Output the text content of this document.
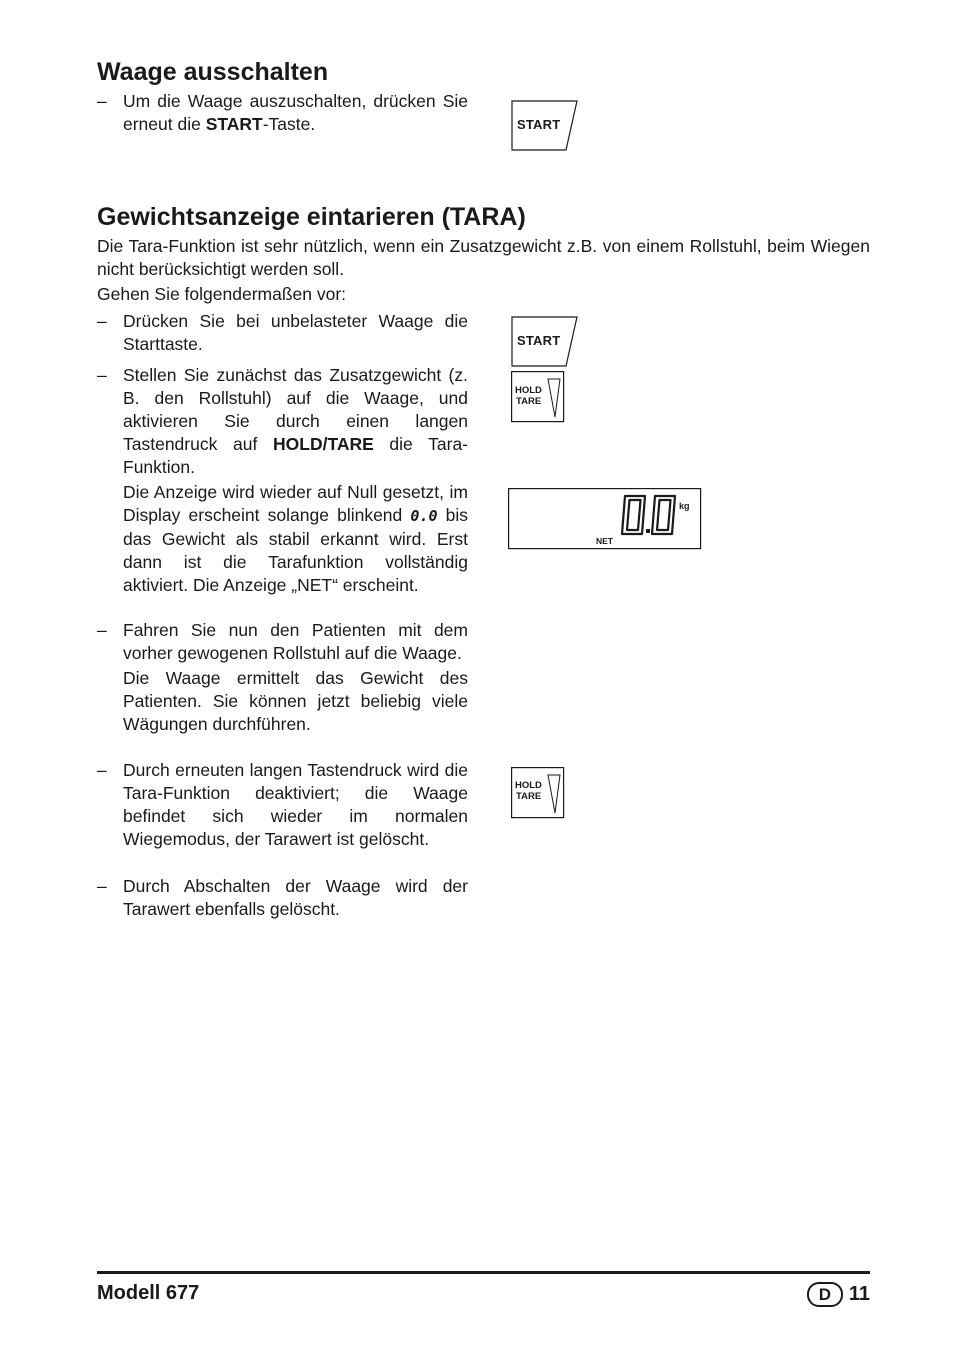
Waage ausschalten
– Um die Waage auszuschalten, drücken Sie erneut die START-Taste.	START
Gewichtsanzeige eintarieren (TARA)

Die Tara-Funktion ist sehr nützlich, wenn ein Zusatzgewicht z.B. von einem Rollstuhl, beim Wiegen nicht berücksichtigt werden soll.

Gehen Sie folgendermaßen vor:

– Drücken Sie bei unbelasteter Waage die Starttaste.

– Stellen Sie zunächst das Zusatzgewicht (z. B. den Rollstuhl) auf die Waage, und aktivieren Sie durch einen langen Tastendruck auf HOLD/TARE die Tara-Funktion.

Die Anzeige wird wieder auf Null gesetzt, im Display erscheint solange blinkend 0.0 bis das Gewicht als stabil erkannt wird. Erst dann ist die Tarafunktion vollständig aktiviert. Die Anzeige „NET“ erscheint.

– Fahren Sie nun den Patienten mit dem vorher gewogenen Rollstuhl auf die Waage.

Die Waage ermittelt das Gewicht des Patienten. Sie können jetzt beliebig viele Wägungen durchführen.

– Durch erneuten langen Tastendruck wird die Tara-Funktion deaktiviert; die Waage befindet sich wieder im normalen Wiegemodus, der Tarawert ist gelöscht.

– Durch Abschalten der Waage wird der Tarawert ebenfalls gelöscht.

START
HOLD
TARE
kg
NET
HOLD
TARE
Modell 677	D 11
